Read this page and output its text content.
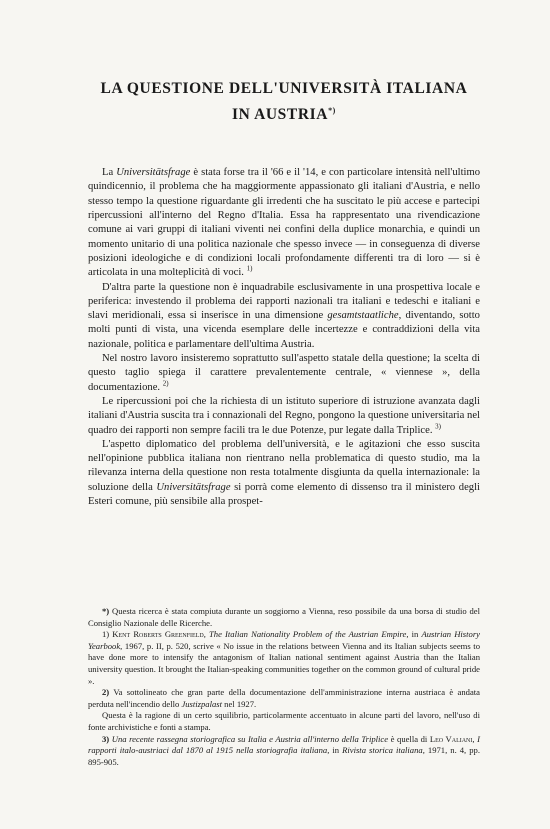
LA QUESTIONE DELL'UNIVERSITÀ ITALIANA
IN AUSTRIA*)

La Universitätsfrage è stata forse tra il '66 e il '14, e con particolare intensità nell'ultimo quindicennio, il problema che ha maggiormente appassionato gli italiani d'Austria, e nello stesso tempo la questione riguardante gli irredenti che ha suscitato le più accese e partecipi ripercussioni all'interno del Regno d'Italia. Essa ha rappresentato una rivendicazione comune ai vari gruppi di italiani viventi nei confini della duplice monarchia, e quindi un momento unitario di una politica nazionale che spesso invece — in conseguenza di diverse posizioni ideologiche e di condizioni locali profondamente differenti tra di loro — si è articolata in una molteplicità di voci. $^{1)}$

D'altra parte la questione non è inquadrabile esclusivamente in una prospettiva locale e periferica: investendo il problema dei rapporti nazionali tra italiani e tedeschi e italiani e slavi meridionali, essa si inserisce in una dimensione gesamtstaatliche, diventando, sotto molti punti di vista, una vicenda esemplare delle incertezze e contraddizioni della vita nazionale, politica e parlamentare dell'ultima Austria.

Nel nostro lavoro insisteremo soprattutto sull'aspetto statale della questione; la scelta di questo taglio spiega il carattere prevalentemente centrale, « viennese », della documentazione. $^{2)}$

Le ripercussioni poi che la richiesta di un istituto superiore di istruzione avanzata dagli italiani d'Austria suscita tra i connazionali del Regno, pongono la questione universitaria nel quadro dei rapporti non sempre facili tra le due Potenze, pur legate dalla Triplice. $^{3)}$

L'aspetto diplomatico del problema dell'università, e le agitazioni che esso suscita nell'opinione pubblica italiana non rientrano nella problematica di questo studio, ma la rilevanza interna della questione non resta totalmente disgiunta da quella internazionale: la soluzione della Universitätsfrage si porrà come elemento di dissenso tra il ministero degli Esteri comune, più sensibile alla prospet-

*) Questa ricerca è stata compiuta durante un soggiorno a Vienna, reso possibile da una borsa di studio del Consiglio Nazionale delle Ricerche.

1) Kent Roberts Greenfield, The Italian Nationality Problem of the Austrian Empire, in Austrian History Yearbook, 1967, p. II, p. 520, scrive « No issue in the relations between Vienna and its Italian subjects seems to have done more to intensify the antagonism of Italian national sentiment against Austria than the Italian university question. It brought the Italian-speaking communities together on the common ground of cultural pride ».

2) Va sottolineato che gran parte della documentazione dell'amministrazione interna austriaca è andata perduta nell'incendio dello Justizpalast nel 1927.

Questa è la ragione di un certo squilibrio, particolarmente accentuato in alcune parti del lavoro, nell'uso di fonte archivistiche e fonti a stampa.

3) Una recente rassegna storiografica su Italia e Austria all'interno della Triplice è quella di Leo Valiani, I rapporti italo-austriaci dal 1870 al 1915 nella storiografia italiana, in Rivista storica italiana, 1971, n. 4, pp. 895-905.
